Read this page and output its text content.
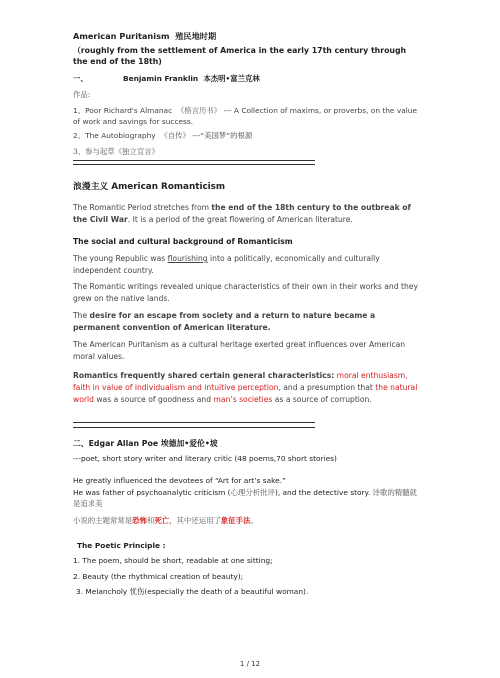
American Puritanism 殖民地时期
（roughly from the settlement of America in the early 17th century through the end of the 18th)
一、	Benjamin Franklin 本杰明•富兰克林
作品:
1、Poor Richard's Almanac 《格言历书》 --- A Collection of maxims, or proverbs, on the value of work and savings for success.
2、The Autobiography 《自传》 ---“美国梦”的根源
3、参与起草《独立宣言》
浪漫主义 American Romanticism
The Romantic Period stretches from the end of the 18th century to the outbreak of the Civil War. It is a period of the great flowering of American literature.
The social and cultural background of Romanticism
The young Republic was flourishing into a politically, economically and culturally independent country.
The Romantic writings revealed unique characteristics of their own in their works and they grew on the native lands.
The desire for an escape from society and a return to nature became a permanent convention of American literature.
The American Puritanism as a cultural heritage exerted great influences over American moral values.
Romantics frequently shared certain general characteristics: moral enthusiasm, faith in value of individualism and intuitive perception, and a presumption that the natural world was a source of goodness and man’s societies as a source of corruption.
二、Edgar Allan Poe 埃德加•爱伦•坡
---poet, short story writer and literary critic (48 poems,70 short stories)
He greatly influenced the devotees of “Art for art’s sake.”
He was father of psychoanalytic criticism (心理分析批评), and the detective story. 诗歌的精髓就是追求美
小说的主题常常是恐怖和死亡，其中还运用了象征手法。
The Poetic Principle :
1. The poem, should be short, readable at one sitting;
2. Beauty (the rhythmical creation of beauty);
3. Melancholy 忧伤(especially the death of a beautiful woman).
1 / 12
